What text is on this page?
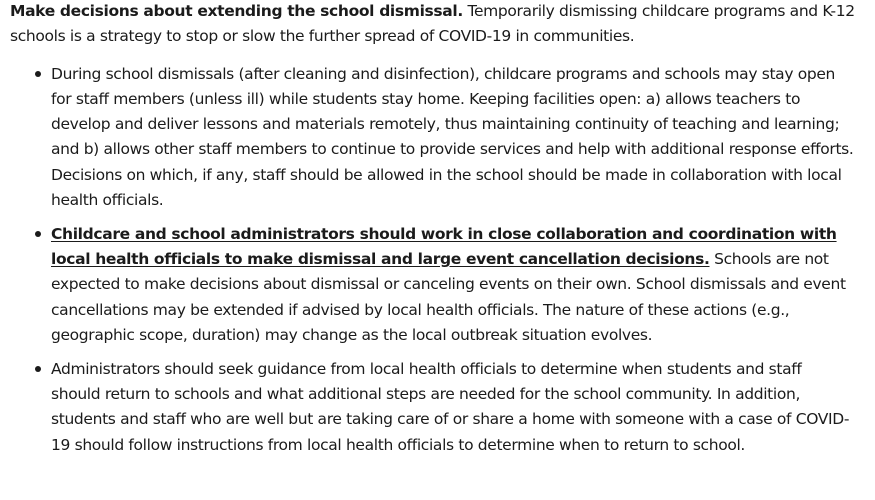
Make decisions about extending the school dismissal. Temporarily dismissing childcare programs and K-12 schools is a strategy to stop or slow the further spread of COVID-19 in communities.

During school dismissals (after cleaning and disinfection), childcare programs and schools may stay open for staff members (unless ill) while students stay home. Keeping facilities open: a) allows teachers to develop and deliver lessons and materials remotely, thus maintaining continuity of teaching and learning; and b) allows other staff members to continue to provide services and help with additional response efforts. Decisions on which, if any, staff should be allowed in the school should be made in collaboration with local health officials.
Childcare and school administrators should work in close collaboration and coordination with local health officials to make dismissal and large event cancellation decisions. Schools are not expected to make decisions about dismissal or canceling events on their own. School dismissals and event cancellations may be extended if advised by local health officials. The nature of these actions (e.g., geographic scope, duration) may change as the local outbreak situation evolves.
Administrators should seek guidance from local health officials to determine when students and staff should return to schools and what additional steps are needed for the school community. In addition, students and staff who are well but are taking care of or share a home with someone with a case of COVID-19 should follow instructions from local health officials to determine when to return to school.
